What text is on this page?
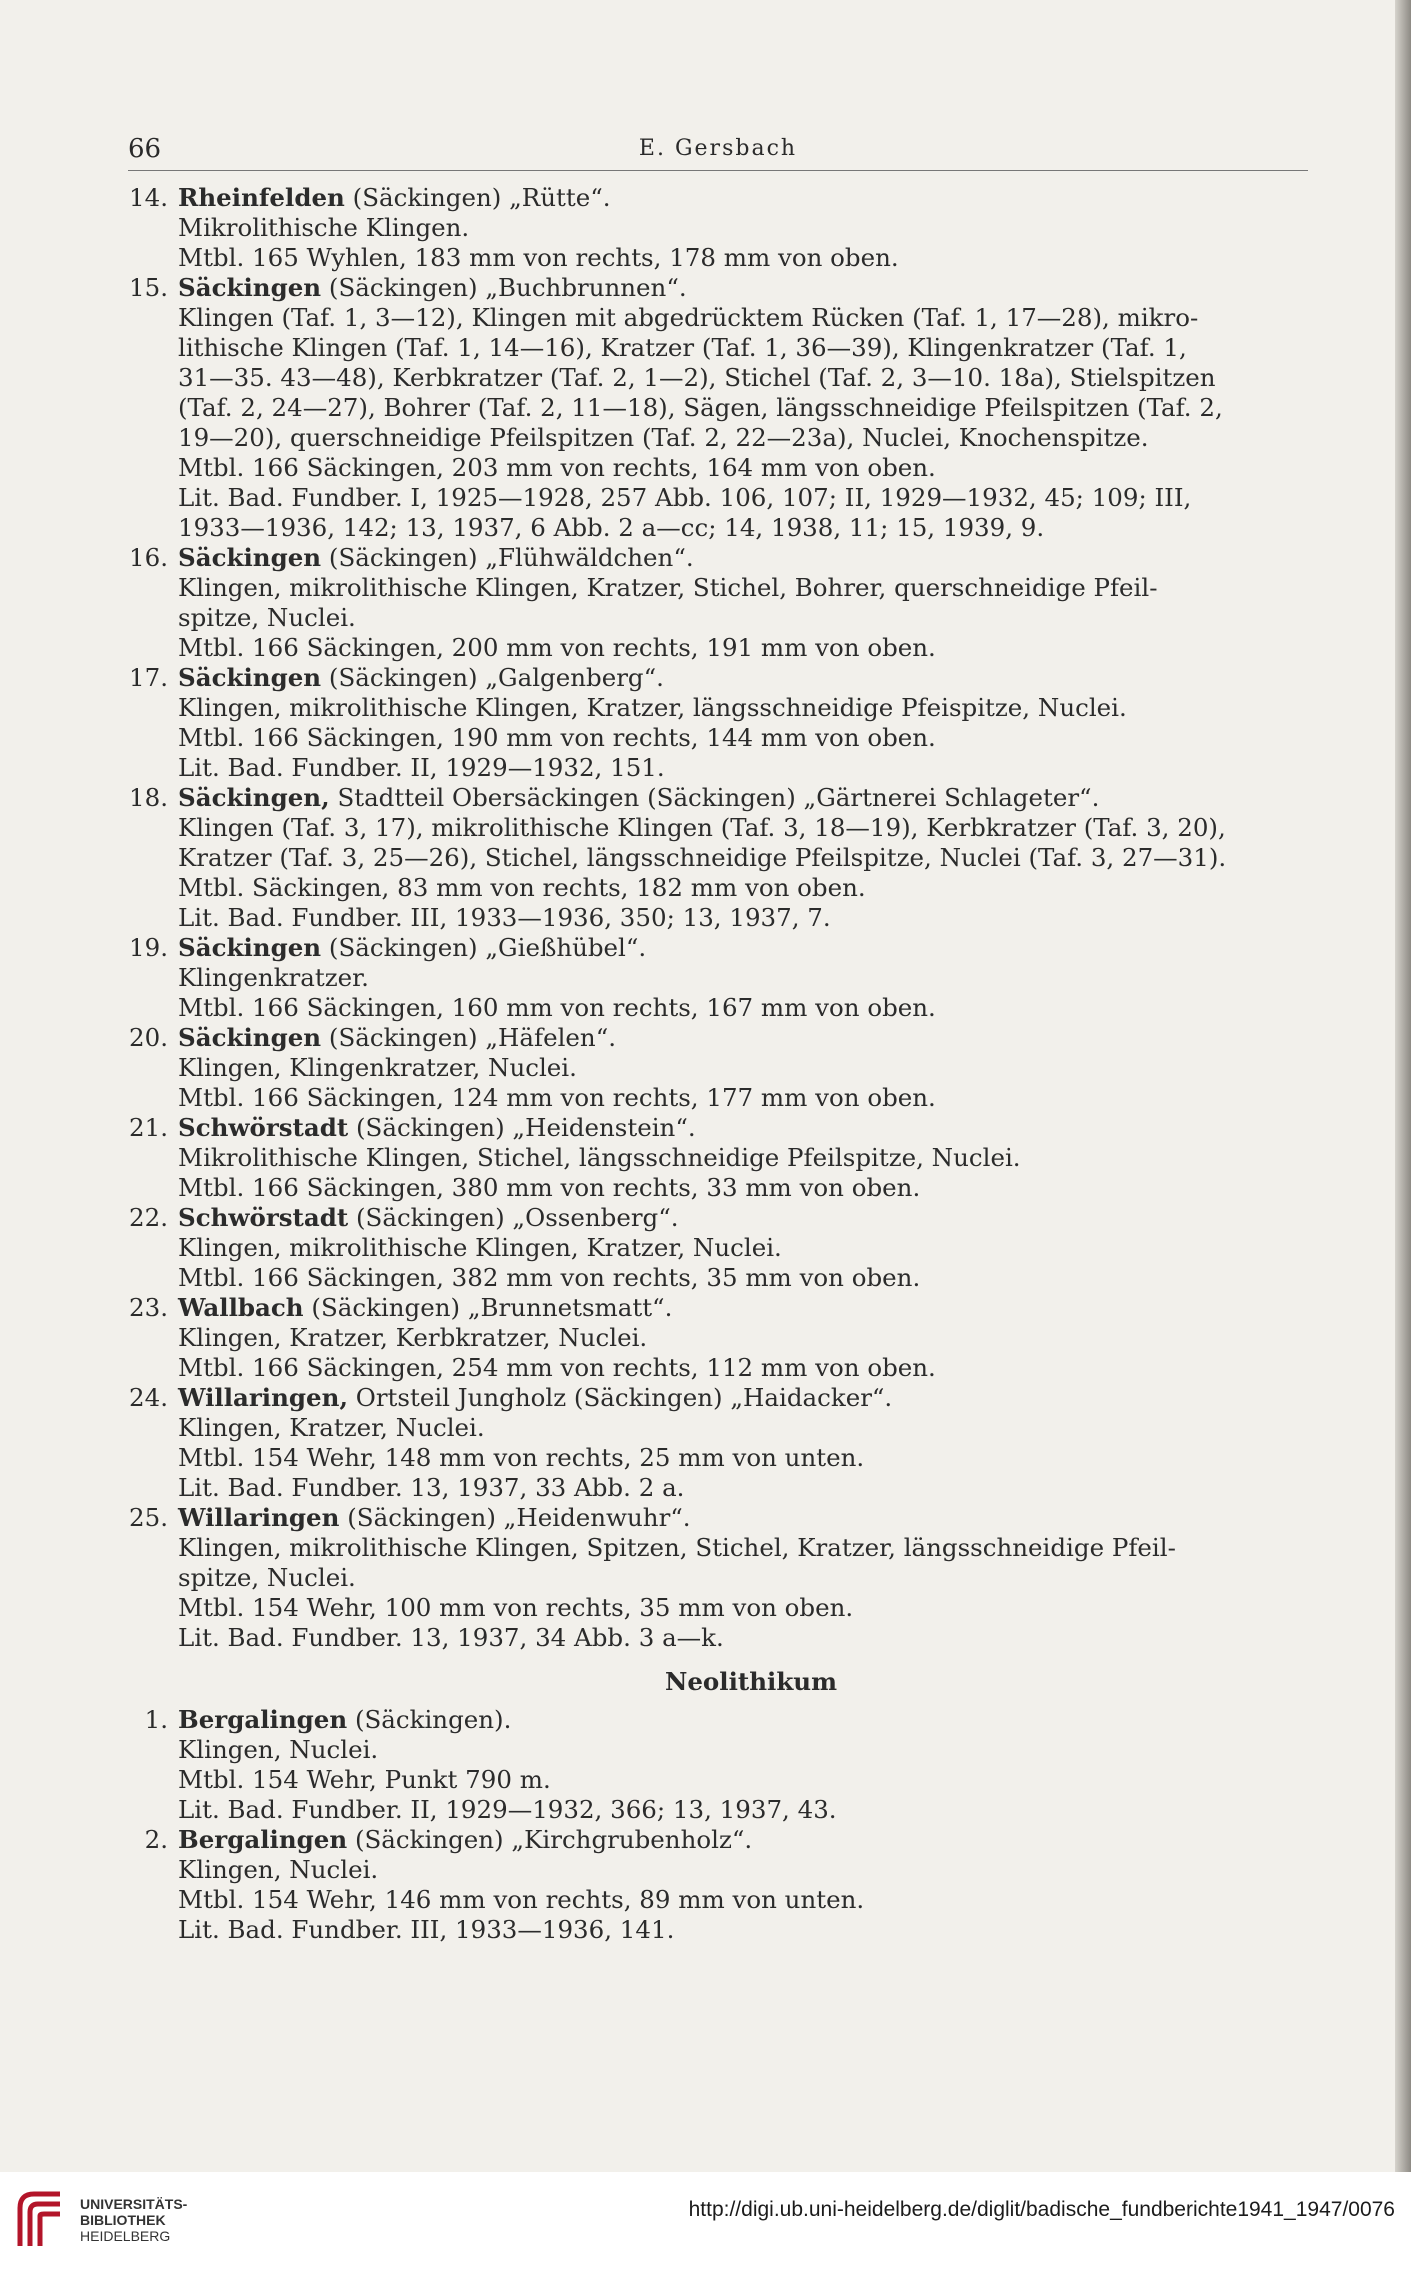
66	E. Gersbach
14. Rheinfelden (Säckingen) „Rütte“.
Mikrolithische Klingen.
Mtbl. 165 Wyhlen, 183 mm von rechts, 178 mm von oben.
15. Säckingen (Säckingen) „Buchbrunnen“.
Klingen (Taf. 1, 3—12), Klingen mit abgedrücktem Rücken (Taf. 1, 17—28), mikro-
lithische Klingen (Taf. 1, 14—16), Kratzer (Taf. 1, 36—39), Klingenkratzer (Taf. 1,
31—35. 43—48), Kerbkratzer (Taf. 2, 1—2), Stichel (Taf. 2, 3—10. 18a), Stielspitzen
(Taf. 2, 24—27), Bohrer (Taf. 2, 11—18), Sägen, längsschneidige Pfeilspitzen (Taf. 2,
19—20), querschneidige Pfeilspitzen (Taf. 2, 22—23a), Nuclei, Knochenspitze.
Mtbl. 166 Säckingen, 203 mm von rechts, 164 mm von oben.
Lit. Bad. Fundber. I, 1925—1928, 257 Abb. 106, 107; II, 1929—1932, 45; 109; III,
1933—1936, 142; 13, 1937, 6 Abb. 2 a—cc; 14, 1938, 11; 15, 1939, 9.
16. Säckingen (Säckingen) „Flühwäldchen“.
Klingen, mikrolithische Klingen, Kratzer, Stichel, Bohrer, querschneidige Pfeil-
spitze, Nuclei.
Mtbl. 166 Säckingen, 200 mm von rechts, 191 mm von oben.
17. Säckingen (Säckingen) „Galgenberg“.
Klingen, mikrolithische Klingen, Kratzer, längsschneidige Pfeispitze, Nuclei.
Mtbl. 166 Säckingen, 190 mm von rechts, 144 mm von oben.
Lit. Bad. Fundber. II, 1929—1932, 151.
18. Säckingen, Stadtteil Obersäckingen (Säckingen) „Gärtnerei Schlageter“.
Klingen (Taf. 3, 17), mikrolithische Klingen (Taf. 3, 18—19), Kerbkratzer (Taf. 3, 20),
Kratzer (Taf. 3, 25—26), Stichel, längsschneidige Pfeilspitze, Nuclei (Taf. 3, 27—31).
Mtbl. Säckingen, 83 mm von rechts, 182 mm von oben.
Lit. Bad. Fundber. III, 1933—1936, 350; 13, 1937, 7.
19. Säckingen (Säckingen) „Gießhübel“.
Klingenkratzer.
Mtbl. 166 Säckingen, 160 mm von rechts, 167 mm von oben.
20. Säckingen (Säckingen) „Häfelen“.
Klingen, Klingenkratzer, Nuclei.
Mtbl. 166 Säckingen, 124 mm von rechts, 177 mm von oben.
21. Schwörstadt (Säckingen) „Heidenstein“.
Mikrolithische Klingen, Stichel, längsschneidige Pfeilspitze, Nuclei.
Mtbl. 166 Säckingen, 380 mm von rechts, 33 mm von oben.
22. Schwörstadt (Säckingen) „Ossenberg“.
Klingen, mikrolithische Klingen, Kratzer, Nuclei.
Mtbl. 166 Säckingen, 382 mm von rechts, 35 mm von oben.
23. Wallbach (Säckingen) „Brunnetsmatt“.
Klingen, Kratzer, Kerbkratzer, Nuclei.
Mtbl. 166 Säckingen, 254 mm von rechts, 112 mm von oben.
24. Willaringen, Ortsteil Jungholz (Säckingen) „Haidacker“.
Klingen, Kratzer, Nuclei.
Mtbl. 154 Wehr, 148 mm von rechts, 25 mm von unten.
Lit. Bad. Fundber. 13, 1937, 33 Abb. 2 a.
25. Willaringen (Säckingen) „Heidenwuhr“.
Klingen, mikrolithische Klingen, Spitzen, Stichel, Kratzer, längsschneidige Pfeil-
spitze, Nuclei.
Mtbl. 154 Wehr, 100 mm von rechts, 35 mm von oben.
Lit. Bad. Fundber. 13, 1937, 34 Abb. 3 a—k.
Neolithikum
1. Bergalingen (Säckingen).
Klingen, Nuclei.
Mtbl. 154 Wehr, Punkt 790 m.
Lit. Bad. Fundber. II, 1929—1932, 366; 13, 1937, 43.
2. Bergalingen (Säckingen) „Kirchgrubenholz“.
Klingen, Nuclei.
Mtbl. 154 Wehr, 146 mm von rechts, 89 mm von unten.
Lit. Bad. Fundber. III, 1933—1936, 141.
UNIVERSITÄTS-
BIBLIOTHEK
HEIDELBERG
http://digi.ub.uni-heidelberg.de/diglit/badische_fundberichte1941_1947/0076
